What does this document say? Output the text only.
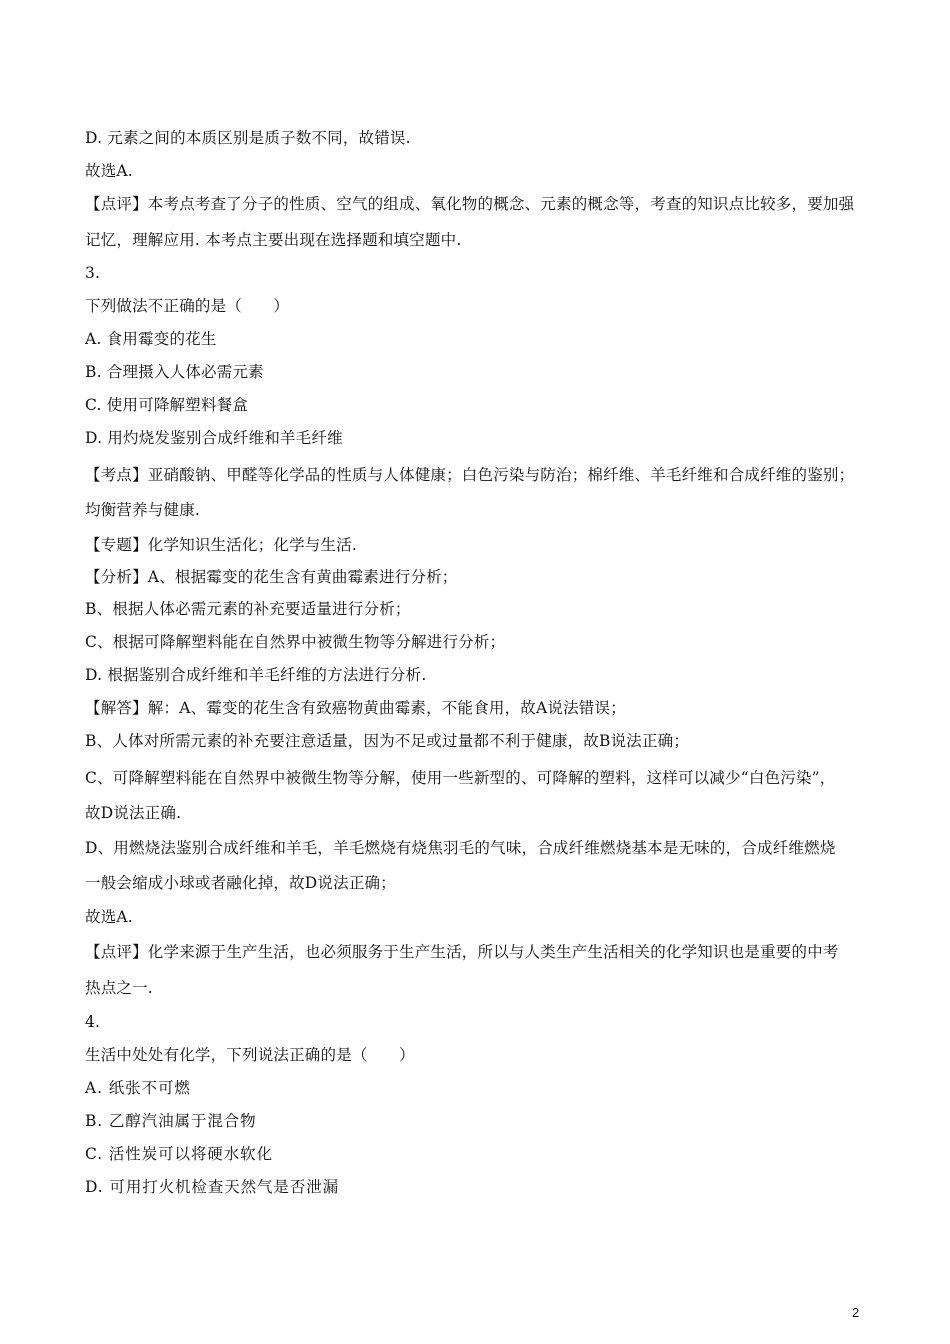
D. 元素之间的本质区别是质子数不同，故错误.
故选A.
【点评】本考点考查了分子的性质、空气的组成、氧化物的概念、元素的概念等，考查的知识点比较多，要加强
记忆，理解应用. 本考点主要出现在选择题和填空题中.
3.
下列做法不正确的是（　　）
A. 食用霉变的花生
B. 合理摄入人体必需元素
C. 使用可降解塑料餐盒
D. 用灼烧发鉴别合成纤维和羊毛纤维
【考点】亚硝酸钠、甲醛等化学品的性质与人体健康；白色污染与防治；棉纤维、羊毛纤维和合成纤维的鉴别；
均衡营养与健康.
【专题】化学知识生活化；化学与生活.
【分析】A、根据霉变的花生含有黄曲霉素进行分析；
B、根据人体必需元素的补充要适量进行分析；
C、根据可降解塑料能在自然界中被微生物等分解进行分析；
D. 根据鉴别合成纤维和羊毛纤维的方法进行分析.
【解答】解：A、霉变的花生含有致癌物黄曲霉素，不能食用，故A说法错误；
B、人体对所需元素的补充要注意适量，因为不足或过量都不利于健康，故B说法正确；
C、可降解塑料能在自然界中被微生物等分解，使用一些新型的、可降解的塑料，这样可以减少“白色污染”，
故D说法正确.
D、用燃烧法鉴别合成纤维和羊毛，羊毛燃烧有烧焦羽毛的气味，合成纤维燃烧基本是无味的，合成纤维燃烧
一般会缩成小球或者融化掉，故D说法正确；
故选A.
【点评】化学来源于生产生活，也必须服务于生产生活，所以与人类生产生活相关的化学知识也是重要的中考
热点之一.
4.
生活中处处有化学，下列说法正确的是（　　）
A. 纸张不可燃
B. 乙醇汽油属于混合物
C. 活性炭可以将硬水软化
D. 可用打火机检查天然气是否泄漏
2
